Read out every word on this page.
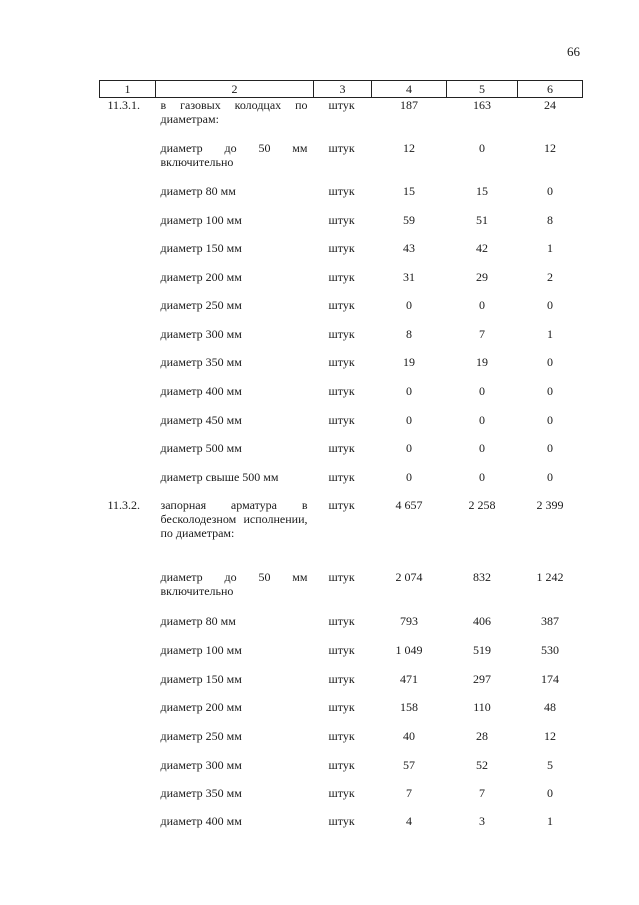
66
1	2	3	4	5	6
11.3.1.	в газовых колодцах по диаметрам:	штук	187	163	24
	диаметр до 50 мм включительно	штук	12	0	12
	диаметр 80 мм	штук	15	15	0
	диаметр 100 мм	штук	59	51	8
	диаметр 150 мм	штук	43	42	1
	диаметр 200 мм	штук	31	29	2
	диаметр 250 мм	штук	0	0	0
	диаметр 300 мм	штук	8	7	1
	диаметр 350 мм	штук	19	19	0
	диаметр 400 мм	штук	0	0	0
	диаметр 450 мм	штук	0	0	0
	диаметр 500 мм	штук	0	0	0
	диаметр свыше 500 мм	штук	0	0	0
11.3.2.	запорная арматура в бесколодезном исполнении, по диаметрам:	штук	4 657	2 258	2 399
	диаметр до 50 мм включительно	штук	2 074	832	1 242
	диаметр 80 мм	штук	793	406	387
	диаметр 100 мм	штук	1 049	519	530
	диаметр 150 мм	штук	471	297	174
	диаметр 200 мм	штук	158	110	48
	диаметр 250 мм	штук	40	28	12
	диаметр 300 мм	штук	57	52	5
	диаметр 350 мм	штук	7	7	0
	диаметр 400 мм	штук	4	3	1
